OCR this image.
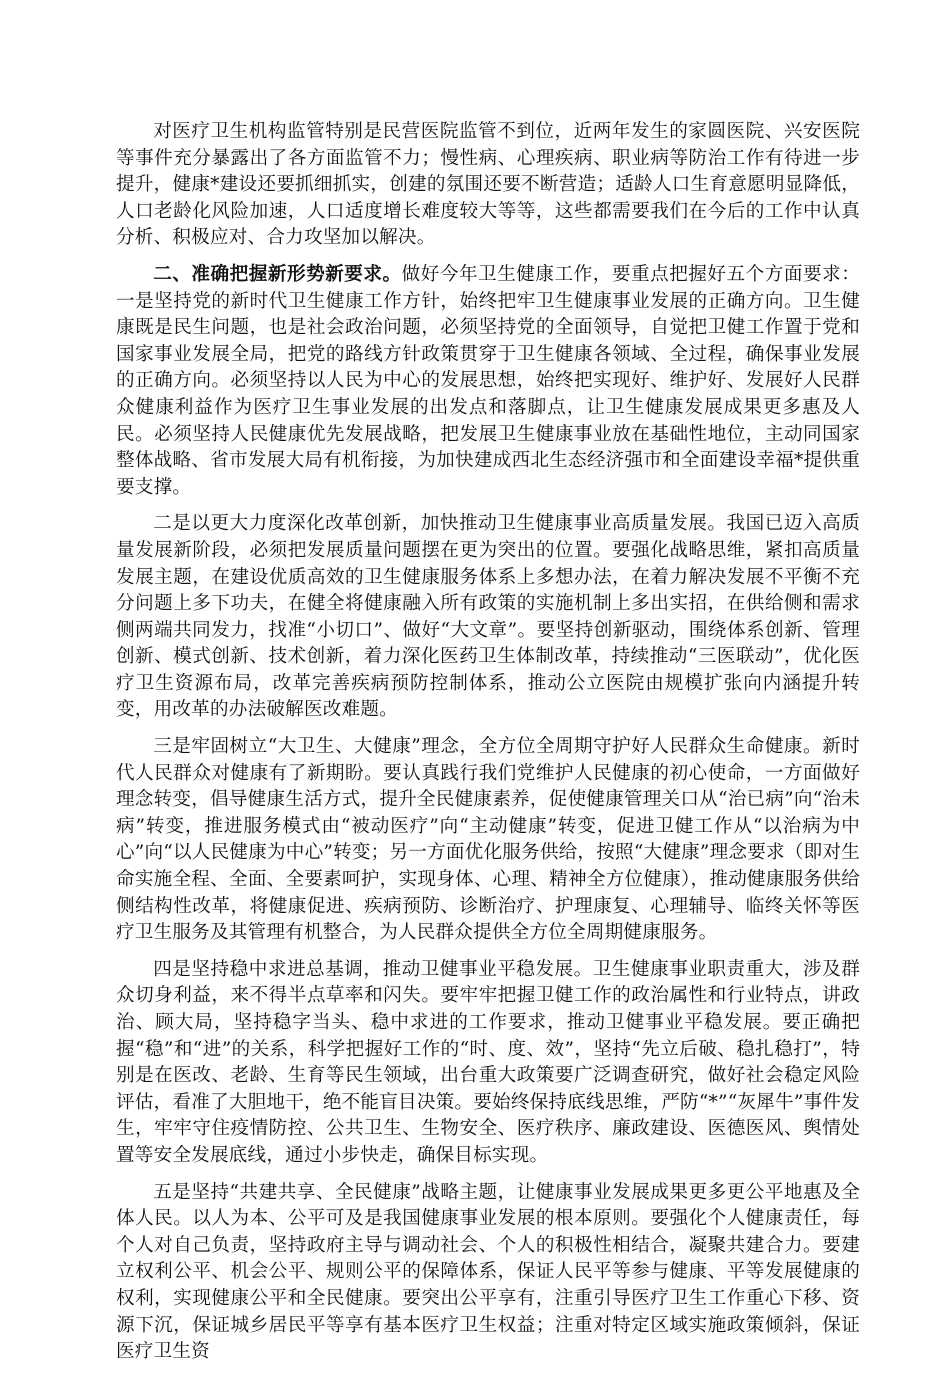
对医疗卫生机构监管特别是民营医院监管不到位，近两年发生的家圆医院、兴安医院等事件充分暴露出了各方面监管不力；慢性病、心理疾病、职业病等防治工作有待进一步提升，健康*建设还要抓细抓实，创建的氛围还要不断营造；适龄人口生育意愿明显降低，人口老龄化风险加速，人口适度增长难度较大等等，这些都需要我们在今后的工作中认真分析、积极应对、合力攻坚加以解决。

二、准确把握新形势新要求。做好今年卫生健康工作，要重点把握好五个方面要求：一是坚持党的新时代卫生健康工作方针，始终把牢卫生健康事业发展的正确方向。卫生健康既是民生问题，也是社会政治问题，必须坚持党的全面领导，自觉把卫健工作置于党和国家事业发展全局，把党的路线方针政策贯穿于卫生健康各领域、全过程，确保事业发展的正确方向。必须坚持以人民为中心的发展思想，始终把实现好、维护好、发展好人民群众健康利益作为医疗卫生事业发展的出发点和落脚点，让卫生健康发展成果更多惠及人民。必须坚持人民健康优先发展战略，把发展卫生健康事业放在基础性地位，主动同国家整体战略、省市发展大局有机衔接，为加快建成西北生态经济强市和全面建设幸福*提供重要支撑。

二是以更大力度深化改革创新，加快推动卫生健康事业高质量发展。我国已迈入高质量发展新阶段，必须把发展质量问题摆在更为突出的位置。要强化战略思维，紧扣高质量发展主题，在建设优质高效的卫生健康服务体系上多想办法，在着力解决发展不平衡不充分问题上多下功夫，在健全将健康融入所有政策的实施机制上多出实招，在供给侧和需求侧两端共同发力，找准“小切口”、做好“大文章”。要坚持创新驱动，围绕体系创新、管理创新、模式创新、技术创新，着力深化医药卫生体制改革，持续推动“三医联动”，优化医疗卫生资源布局，改革完善疾病预防控制体系，推动公立医院由规模扩张向内涵提升转变，用改革的办法破解医改难题。

三是牢固树立“大卫生、大健康”理念，全方位全周期守护好人民群众生命健康。新时代人民群众对健康有了新期盼。要认真践行我们党维护人民健康的初心使命，一方面做好理念转变，倡导健康生活方式，提升全民健康素养，促使健康管理关口从“治已病”向“治未病”转变，推进服务模式由“被动医疗”向“主动健康”转变，促进卫健工作从“以治病为中心”向“以人民健康为中心”转变；另一方面优化服务供给，按照“大健康”理念要求（即对生命实施全程、全面、全要素呵护，实现身体、心理、精神全方位健康），推动健康服务供给侧结构性改革，将健康促进、疾病预防、诊断治疗、护理康复、心理辅导、临终关怀等医疗卫生服务及其管理有机整合，为人民群众提供全方位全周期健康服务。

四是坚持稳中求进总基调，推动卫健事业平稳发展。卫生健康事业职责重大，涉及群众切身利益，来不得半点草率和闪失。要牢牢把握卫健工作的政治属性和行业特点，讲政治、顾大局，坚持稳字当头、稳中求进的工作要求，推动卫健事业平稳发展。要正确把握“稳”和“进”的关系，科学把握好工作的“时、度、效”，坚持“先立后破、稳扎稳打”，特别是在医改、老龄、生育等民生领域，出台重大政策要广泛调查研究，做好社会稳定风险评估，看准了大胆地干，绝不能盲目决策。要始终保持底线思维，严防“*”“灰犀牛”事件发生，牢牢守住疫情防控、公共卫生、生物安全、医疗秩序、廉政建设、医德医风、舆情处置等安全发展底线，通过小步快走，确保目标实现。

五是坚持“共建共享、全民健康”战略主题，让健康事业发展成果更多更公平地惠及全体人民。以人为本、公平可及是我国健康事业发展的根本原则。要强化个人健康责任，每个人对自己负责，坚持政府主导与调动社会、个人的积极性相结合，凝聚共建合力。要建立权利公平、机会公平、规则公平的保障体系，保证人民平等参与健康、平等发展健康的权利，实现健康公平和全民健康。要突出公平享有，注重引导医疗卫生工作重心下移、资源下沉，保证城乡居民平等享有基本医疗卫生权益；注重对特定区域实施政策倾斜，保证医疗卫生资
